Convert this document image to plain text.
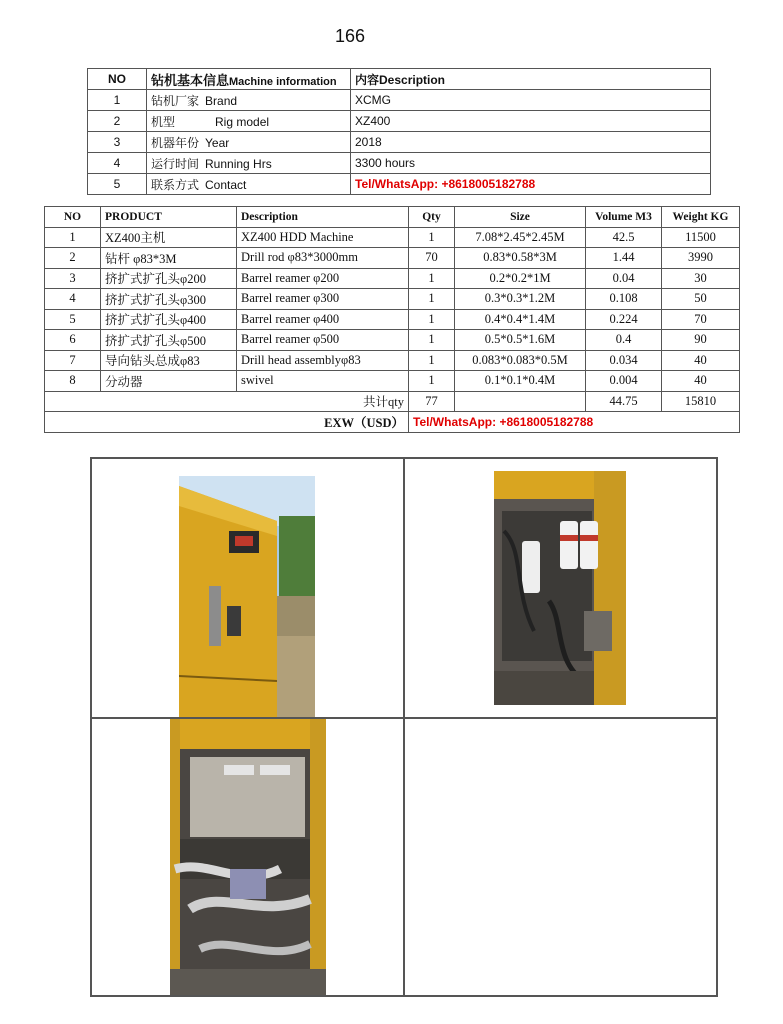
166
NO	钻机基本信息Machine information	内容Description
1	钻机厂家 Brand	XCMG
2	机型 Rig model	XZ400
3	机器年份 Year	2018
4	运行时间 Running Hrs	3300 hours
5	联系方式 Contact	Tel/WhatsApp: +8618005182788
NO	PRODUCT	Description	Qty	Size	Volume M3	Weight KG
1	XZ400主机	XZ400 HDD Machine	1	7.08*2.45*2.45M	42.5	11500
2	钻杆 φ83*3M	Drill rod φ83*3000mm	70	0.83*0.58*3M	1.44	3990
3	挤扩式扩孔头φ200	Barrel reamer φ200	1	0.2*0.2*1M	0.04	30
4	挤扩式扩孔头φ300	Barrel reamer φ300	1	0.3*0.3*1.2M	0.108	50
5	挤扩式扩孔头φ400	Barrel reamer φ400	1	0.4*0.4*1.4M	0.224	70
6	挤扩式扩孔头φ500	Barrel reamer φ500	1	0.5*0.5*1.6M	0.4	90
7	导向钻头总成φ83	Drill head assemblyφ83	1	0.083*0.083*0.5M	0.034	40
8	分动器	swivel	1	0.1*0.1*0.4M	0.004	40
共计qty			77		44.75	15810
EXW（USD）			Tel/WhatsApp: +8618005182788			
